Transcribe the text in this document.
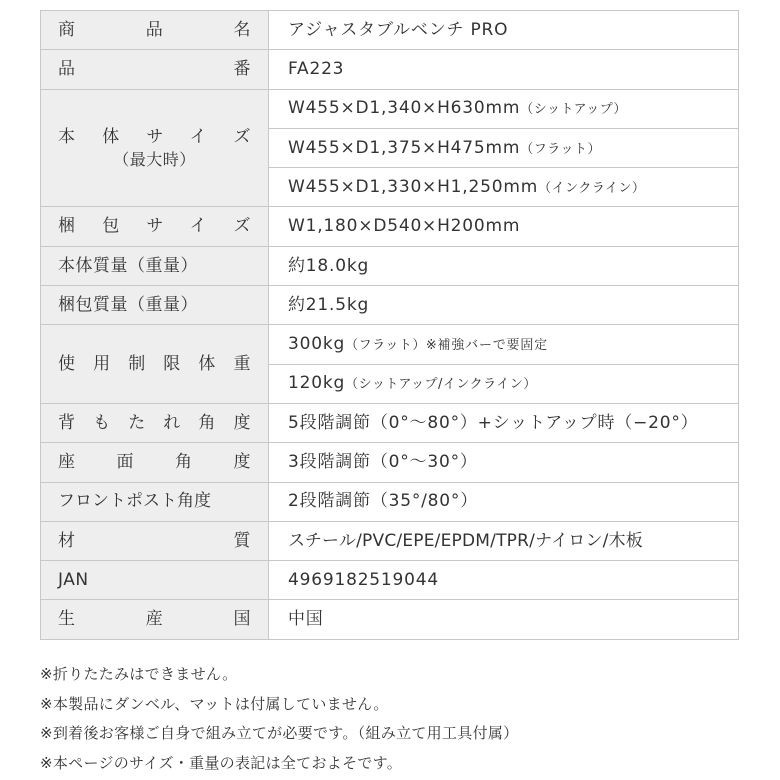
商品名	アジャスタブルベンチ PRO
品番	FA223

本体サイズ
（最大時）	W455×D1,340×H630mm（シットアップ）
	W455×D1,375×H475mm（フラット）
	W455×D1,330×H1,250mm（インクライン）
梱包サイズ	W1,180×D540×H200mm
本体質量（重量）	約18.0kg
梱包質量（重量）	約21.5kg
使用制限体重	300kg（フラット）※補強バーで要固定
	120kg（シットアップ/インクライン）
背もたれ角度	5段階調節（0°〜80°）+シットアップ時（−20°）
座面角度	3段階調節（0°〜30°）
フロントポスト角度	2段階調節（35°/80°）
材質	スチール/PVC/EPE/EPDM/TPR/ナイロン/木板
JAN	4969182519044
生産国	中国
※折りたたみはできません。
※本製品にダンベル、マットは付属していません。
※到着後お客様ご自身で組み立てが必要です。（組み立て用工具付属）
※本ページのサイズ・重量の表記は全ておよそです。
